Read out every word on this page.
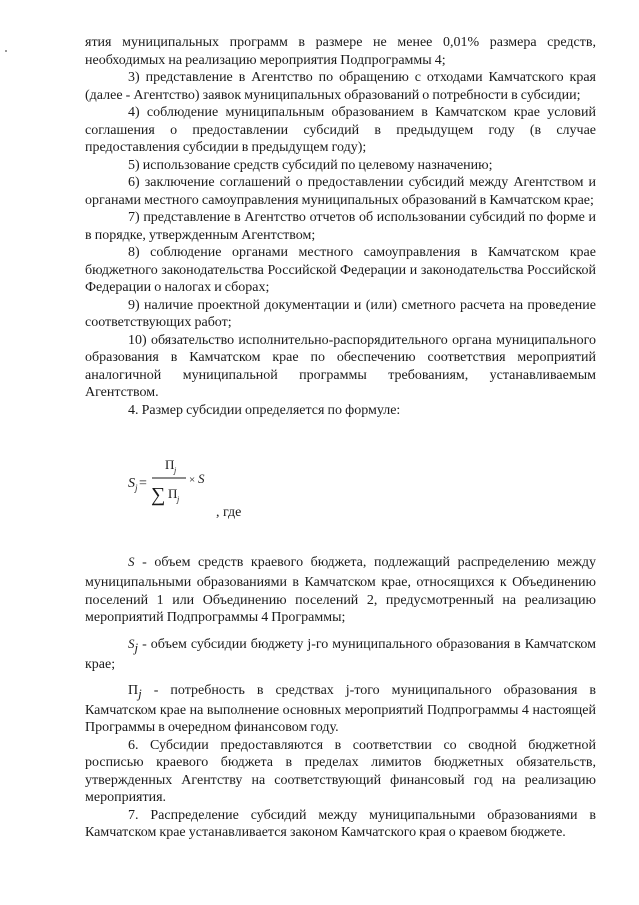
ятия муниципальных программ в размере не менее 0,01% размера средств, необходимых на реализацию мероприятия Подпрограммы 4;

3) представление в Агентство по обращению с отходами Камчатского края (далее - Агентство) заявок муниципальных образований о потребности в субсидии;

4) соблюдение муниципальным образованием в Камчатском крае условий соглашения о предоставлении субсидий в предыдущем году (в случае предоставления субсидии в предыдущем году);

5) использование средств субсидий по целевому назначению;

6) заключение соглашений о предоставлении субсидий между Агентством и органами местного самоуправления муниципальных образований в Камчатском крае;

7) представление в Агентство отчетов об использовании субсидий по форме и в порядке, утвержденным Агентством;

8) соблюдение органами местного самоуправления в Камчатском крае бюджетного законодательства Российской Федерации и законодательства Российской Федерации о налогах и сборах;

9) наличие проектной документации и (или) сметного расчета на проведение соответствующих работ;

10) обязательство исполнительно-распорядительного органа муниципального образования в Камчатском крае по обеспечению соответствия мероприятий аналогичной муниципальной программы требованиям, устанавливаемым Агентством.

4. Размер субсидии определяется по формуле:

S j =
П j
∑ П j
× S
, где

S - объем средств краевого бюджета, подлежащий распределению между муниципальными образованиями в Камчатском крае, относящихся к Объединению поселений 1 или Объединению поселений 2, предусмотренный на реализацию мероприятий Подпрограммы 4 Программы;

$S_j$ - объем субсидии бюджету j-го муниципального образования в Камчатском крае;

$П_j$ - потребность в средствах j-того муниципального образования в Камчатском крае на выполнение основных мероприятий Подпрограммы 4 настоящей Программы в очередном финансовом году.

6. Субсидии предоставляются в соответствии со сводной бюджетной росписью краевого бюджета в пределах лимитов бюджетных обязательств, утвержденных Агентству на соответствующий финансовый год на реализацию мероприятия.

7. Распределение субсидий между муниципальными образованиями в Камчатском крае устанавливается законом Камчатского края о краевом бюджете.
